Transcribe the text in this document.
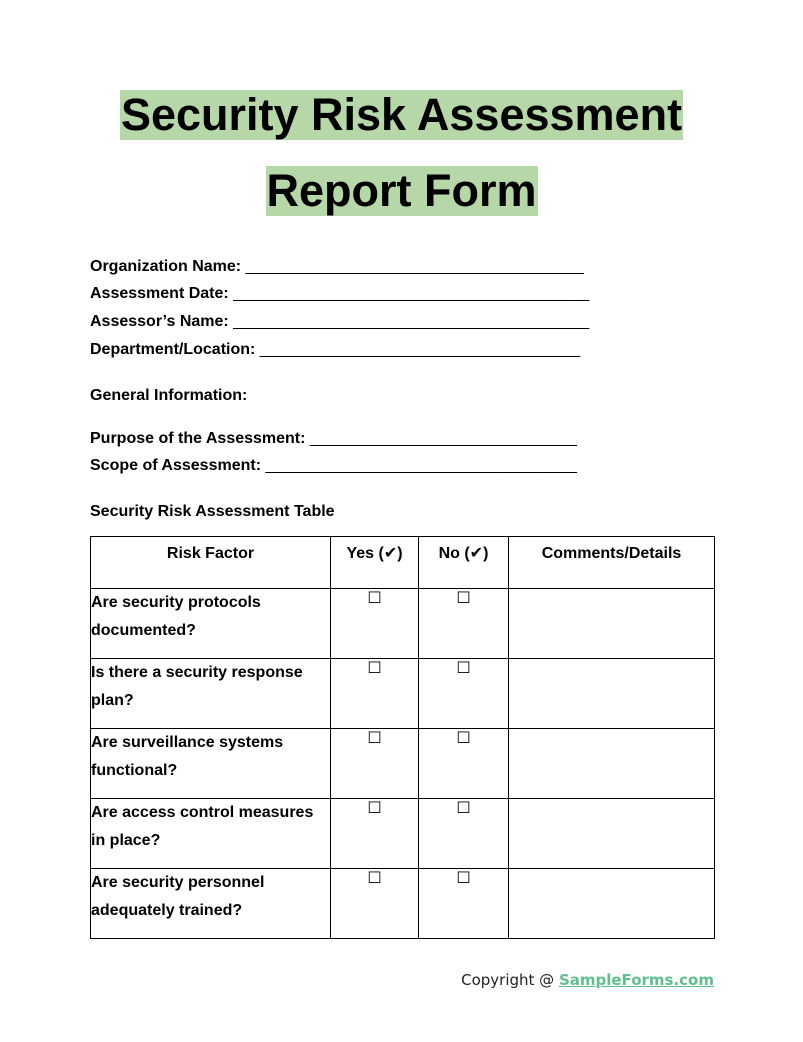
Security Risk Assessment
Report Form
Organization Name: ______________________________________
Assessment Date: ________________________________________
Assessor’s Name: ________________________________________
Department/Location: ____________________________________
General Information:
Purpose of the Assessment: ______________________________
Scope of Assessment: ___________________________________
Security Risk Assessment Table
Risk Factor	Yes (✔)	No (✔)	Comments/Details
Are security protocols documented?	☐	☐	
Is there a security response plan?	☐	☐	
Are surveillance systems functional?	☐	☐	
Are access control measures in place?	☐	☐	
Are security personnel adequately trained?	☐	☐	
Copyright @ SampleForms.com
